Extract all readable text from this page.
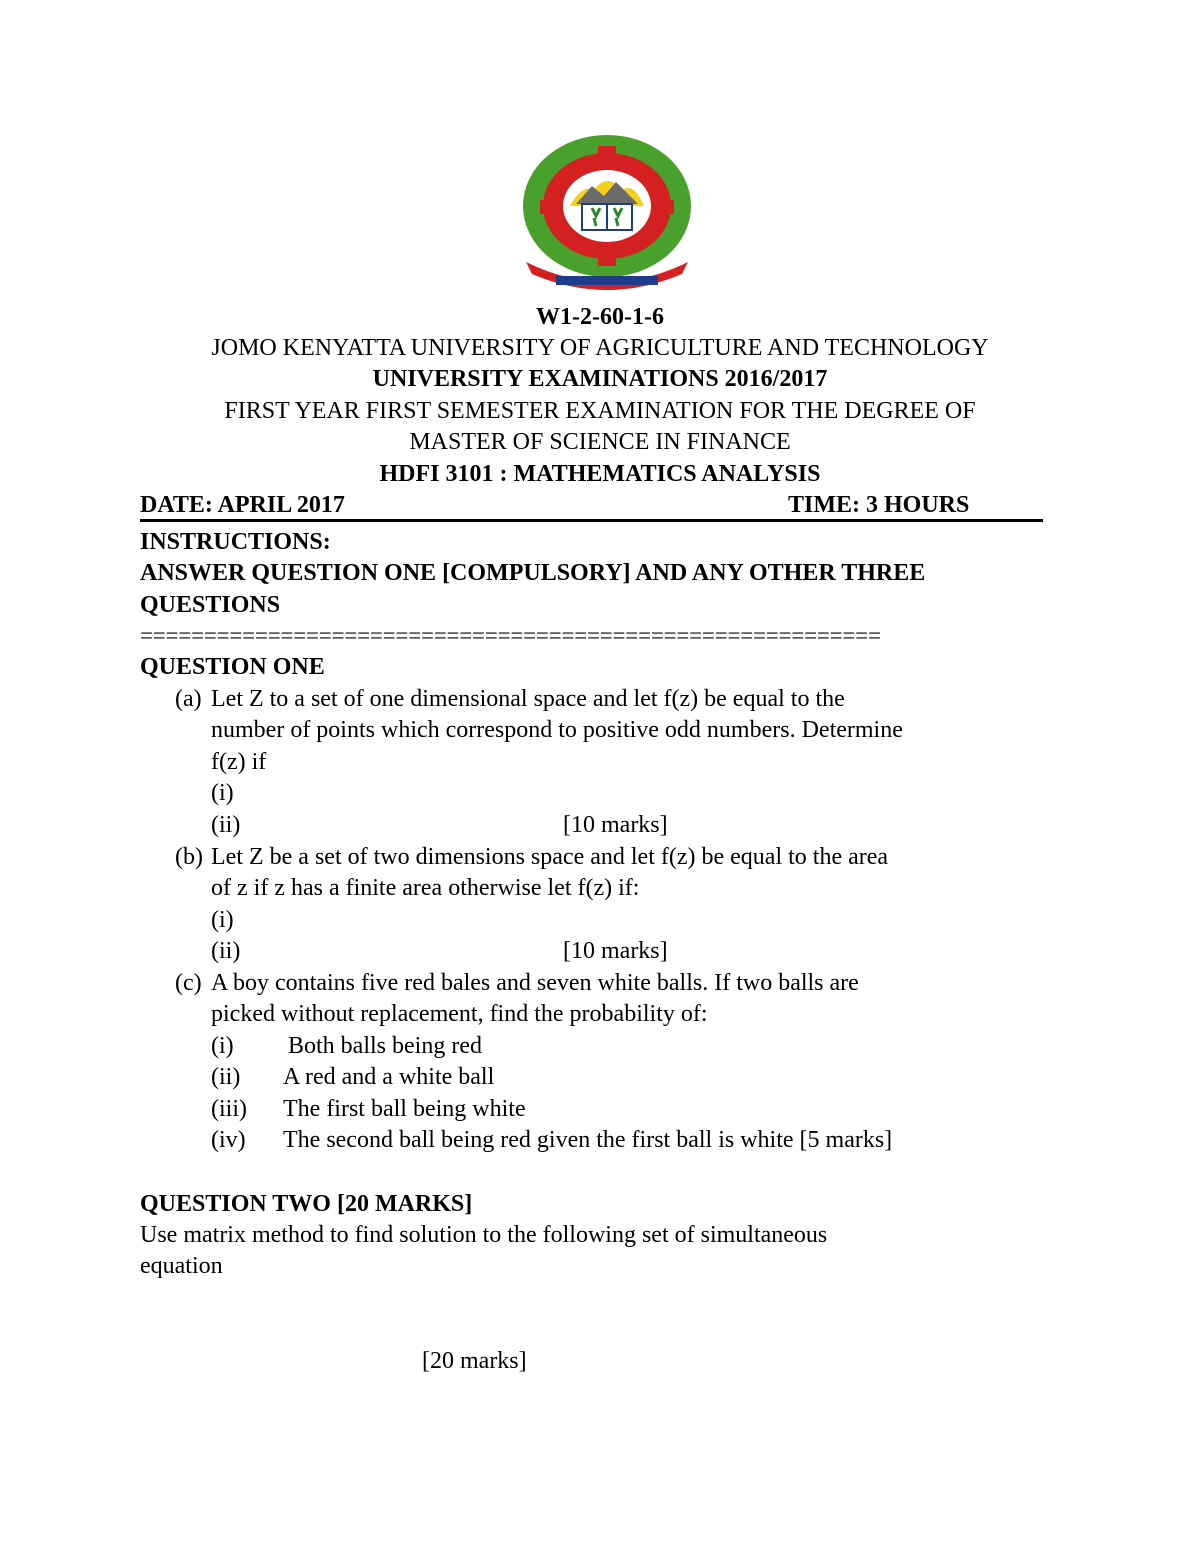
W1-2-60-1-6
JOMO KENYATTA UNIVERSITY OF AGRICULTURE AND TECHNOLOGY
UNIVERSITY EXAMINATIONS 2016/2017
FIRST YEAR FIRST SEMESTER EXAMINATION FOR THE DEGREE OF
MASTER OF SCIENCE IN FINANCE
HDFI 3101 : MATHEMATICS ANALYSIS
DATE: APRIL 2017	TIME: 3 HOURS
INSTRUCTIONS:
ANSWER QUESTION ONE [COMPULSORY] AND ANY OTHER THREE
QUESTIONS
==========================================================
QUESTION ONE
(a) Let Z to a set of one dimensional space and let f(z) be equal to the
number of points which correspond to positive odd numbers. Determine
f(z) if
(i)
(ii)	[10 marks]
(b) Let Z be a set of two dimensions space and let f(z) be equal to the area
of z if z has a finite area otherwise let f(z) if:
(i)
(ii)	[10 marks]
(c) A boy contains five red bales and seven white balls. If two balls are
picked without replacement, find the probability of:
(i) Both balls being red
(ii) A red and a white ball
(iii) The first ball being white
(iv) The second ball being red given the first ball is white [5 marks]
QUESTION TWO [20 MARKS]
Use matrix method to find solution to the following set of simultaneous
equation
[20 marks]
